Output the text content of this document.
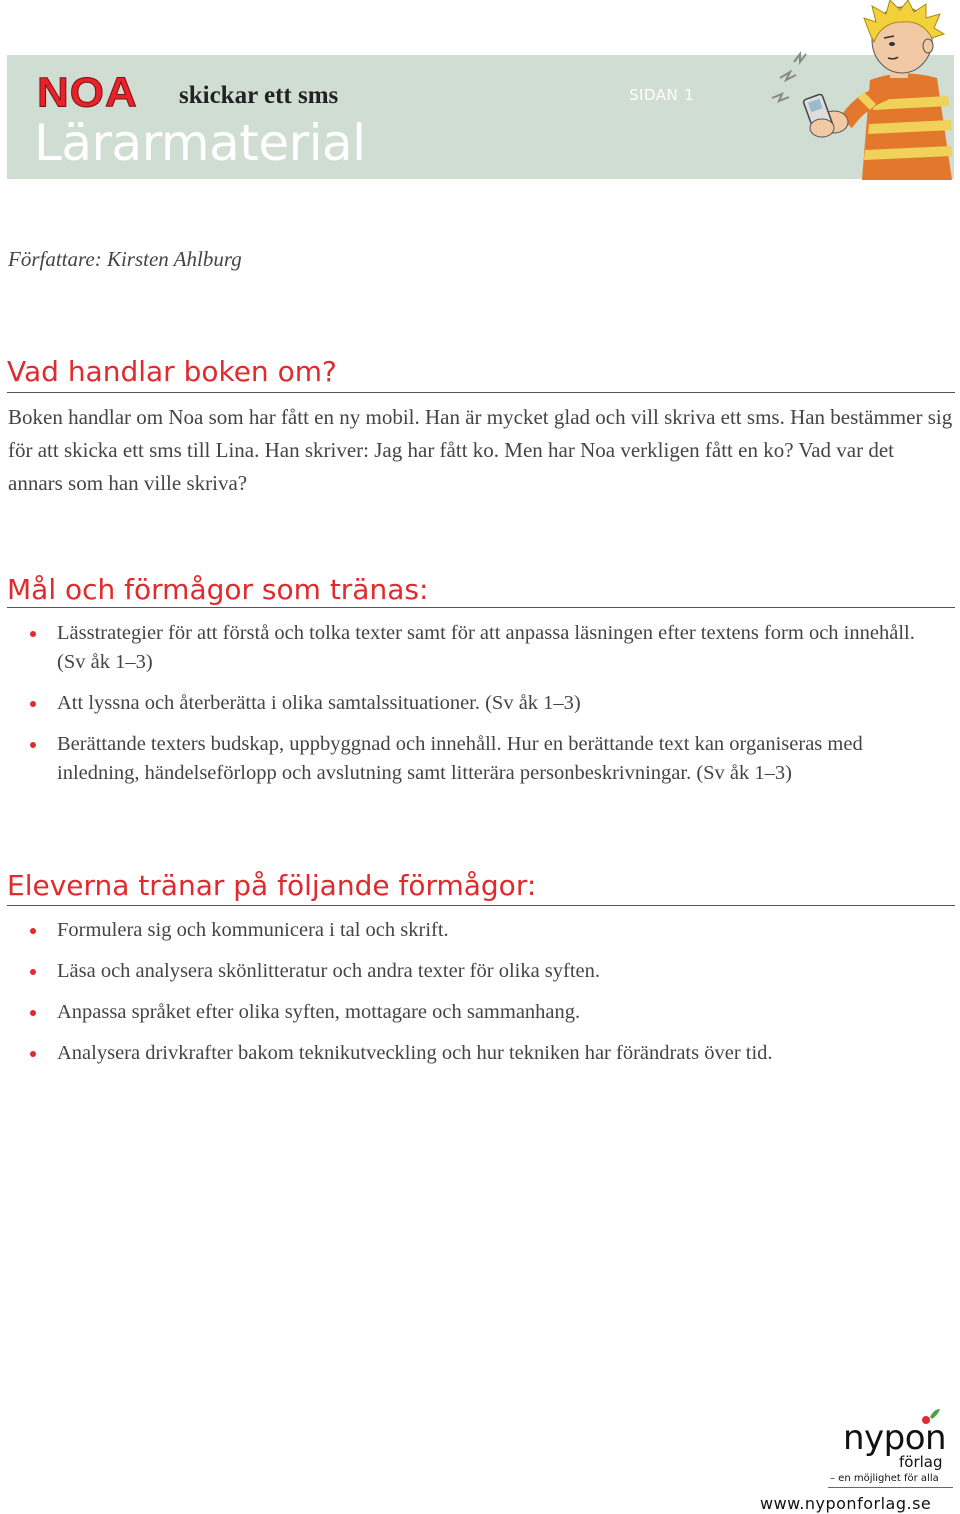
NOA skickar ett sms
Lärarmaterial
SIDAN 1
Författare: Kirsten Ahlburg
Vad handlar boken om?
Boken handlar om Noa som har fått en ny mobil. Han är mycket glad och vill skriva ett sms. Han bestämmer sig för att skicka ett sms till Lina. Han skriver: Jag har fått ko. Men har Noa verkligen fått en ko? Vad var det annars som han ville skriva?
Mål och förmågor som tränas:
Lässtrategier för att förstå och tolka texter samt för att anpassa läsningen efter textens form och innehåll. (Sv åk 1–3)
Att lyssna och återberätta i olika samtalssituationer. (Sv åk 1–3)
Berättande texters budskap, uppbyggnad och innehåll. Hur en berättande text kan organiseras med inledning, händelseförlopp och avslutning samt litterära personbeskrivningar. (Sv åk 1–3)
Eleverna tränar på följande förmågor:
Formulera sig och kommunicera i tal och skrift.
Läsa och analysera skönlitteratur och andra texter för olika syften.
Anpassa språket efter olika syften, mottagare och sammanhang.
Analysera drivkrafter bakom teknikutveckling och hur tekniken har förändrats över tid.
nypon
förlag
– en möjlighet för alla
www.nyponforlag.se
